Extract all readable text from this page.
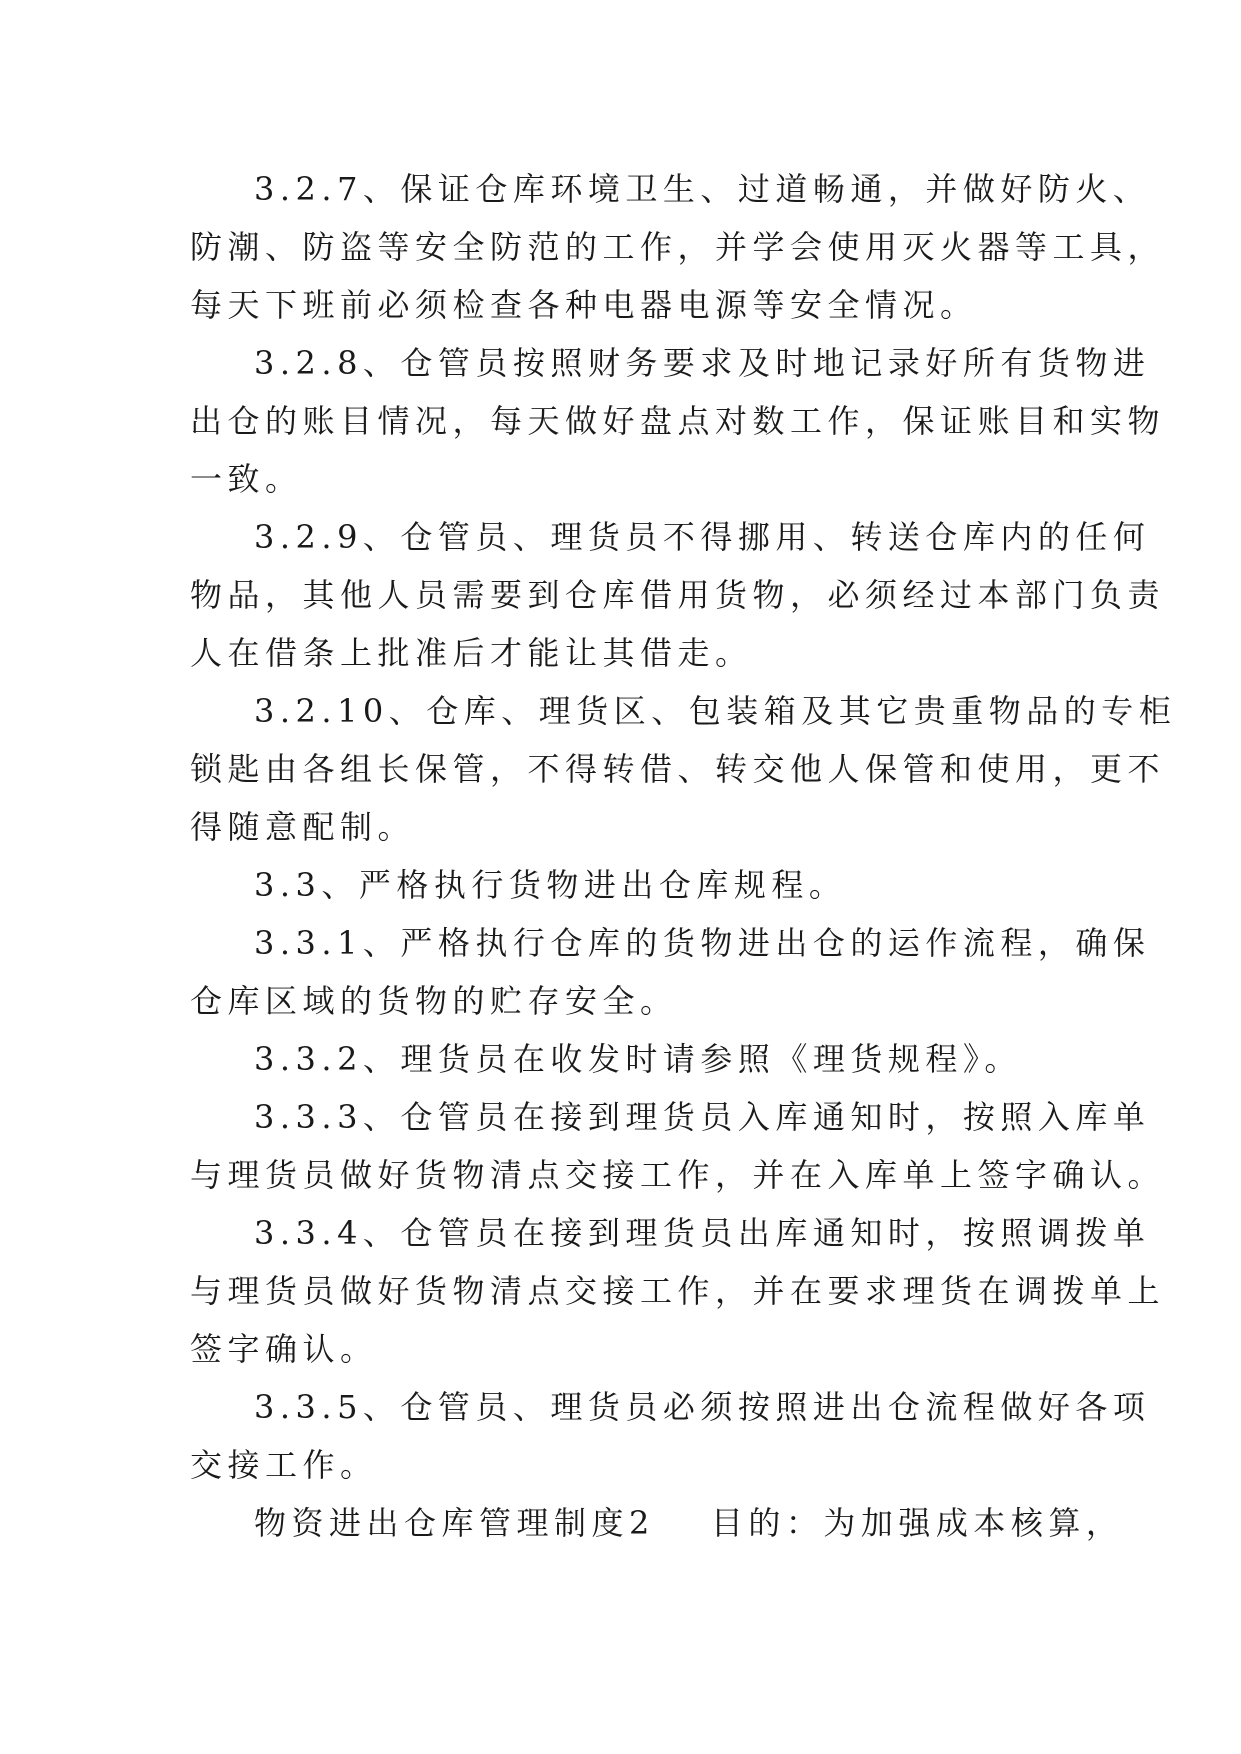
3.2.7、保证仓库环境卫生、过道畅通，并做好防火、
防潮、防盗等安全防范的工作，并学会使用灭火器等工具，
每天下班前必须检查各种电器电源等安全情况。
3.2.8、仓管员按照财务要求及时地记录好所有货物进
出仓的账目情况，每天做好盘点对数工作，保证账目和实物
一致。
3.2.9、仓管员、理货员不得挪用、转送仓库内的任何
物品，其他人员需要到仓库借用货物，必须经过本部门负责
人在借条上批准后才能让其借走。
3.2.10、仓库、理货区、包装箱及其它贵重物品的专柜
锁匙由各组长保管，不得转借、转交他人保管和使用，更不
得随意配制。
3.3、严格执行货物进出仓库规程。
3.3.1、严格执行仓库的货物进出仓的运作流程，确保
仓库区域的货物的贮存安全。
3.3.2、理货员在收发时请参照《理货规程》。
3.3.3、仓管员在接到理货员入库通知时，按照入库单
与理货员做好货物清点交接工作，并在入库单上签字确认。
3.3.4、仓管员在接到理货员出库通知时，按照调拨单
与理货员做好货物清点交接工作，并在要求理货在调拨单上
签字确认。
3.3.5、仓管员、理货员必须按照进出仓流程做好各项
交接工作。
物资进出仓库管理制度2 目的：为加强成本核算，
